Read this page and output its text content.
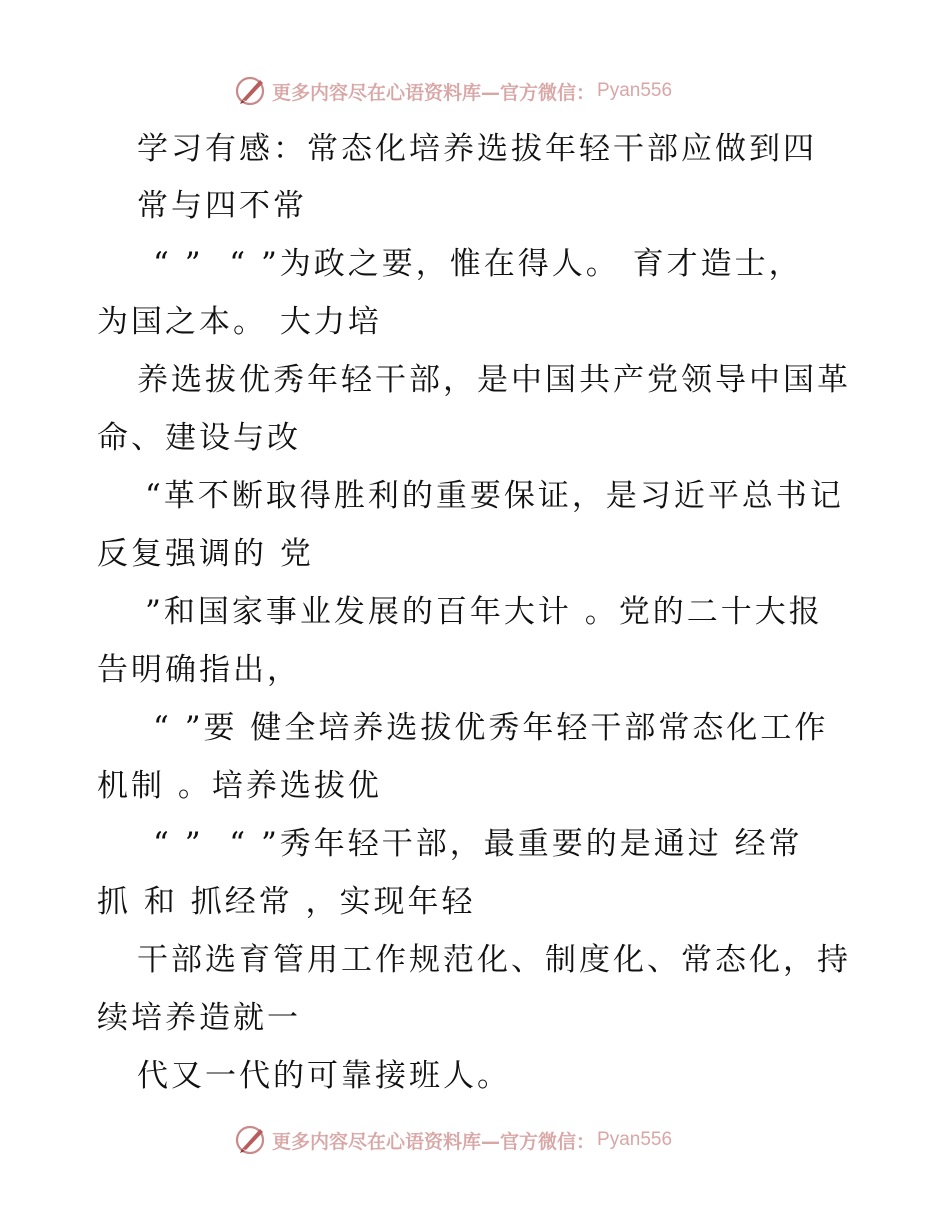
更多内容尽在心语资料库—官方微信： Pyan556
学习有感：常态化培养选拔年轻干部应做到四
常与四不常
“ ”  “ ”为政之要，惟在得人。 育才造士，
为国之本。 大力培
养选拔优秀年轻干部，是中国共产党领导中国革
命、建设与改
“革不断取得胜利的重要保证，是习近平总书记
反复强调的 党
”和国家事业发展的百年大计 。党的二十大报
告明确指出，
“ ”要 健全培养选拔优秀年轻干部常态化工作
机制 。培养选拔优
“ ”  “ ”秀年轻干部，最重要的是通过 经常
抓 和 抓经常 ，实现年轻
干部选育管用工作规范化、制度化、常态化，持
续培养造就一
代又一代的可靠接班人。
更多内容尽在心语资料库—官方微信： Pyan556
